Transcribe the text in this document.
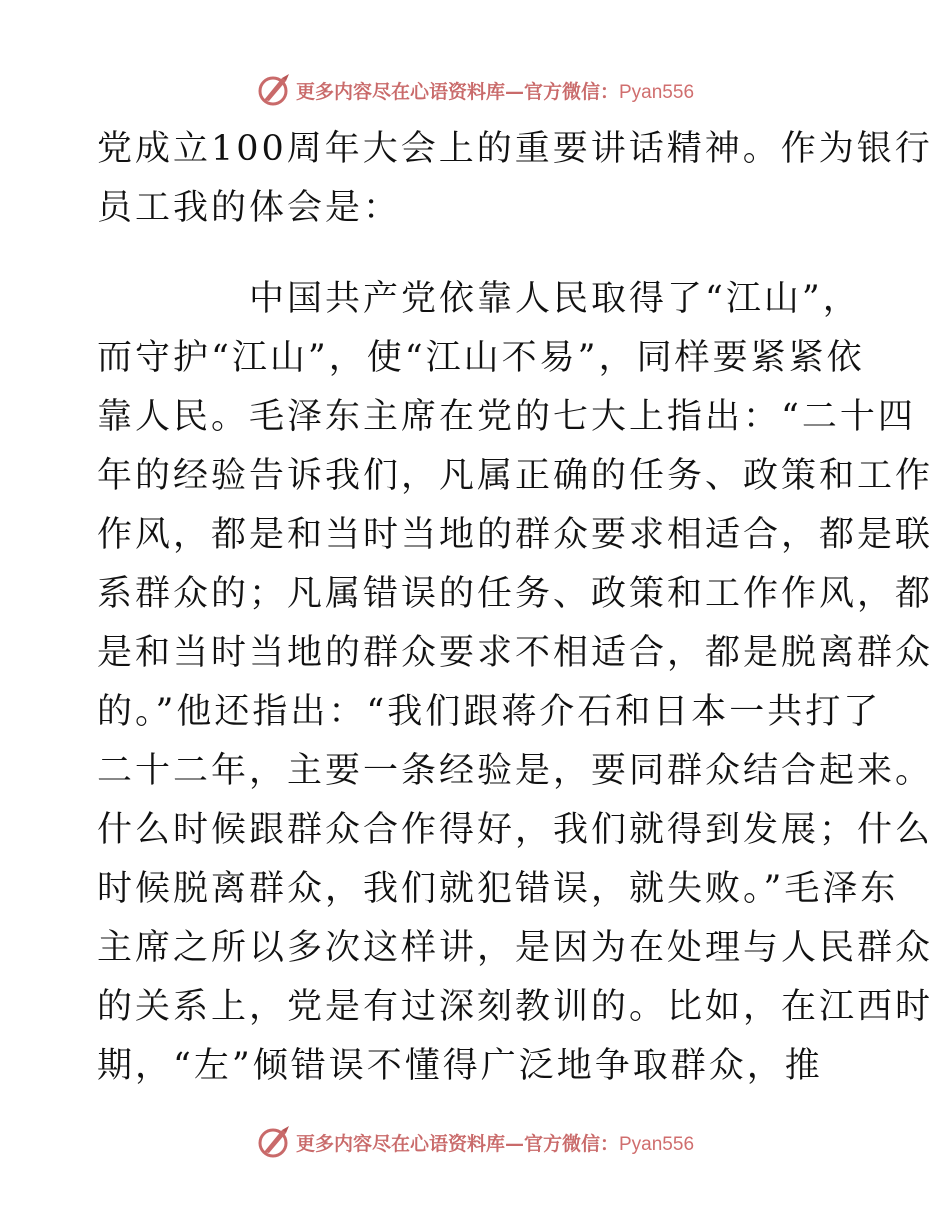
更多内容尽在心语资料库—官方微信：Pyan556
党成立100周年大会上的重要讲话精神。作为银行
员工我的体会是：
中国共产党依靠人民取得了“江山”，
而守护“江山”，使“江山不易”，同样要紧紧依
靠人民。毛泽东主席在党的七大上指出：“二十四
年的经验告诉我们，凡属正确的任务、政策和工作
作风，都是和当时当地的群众要求相适合，都是联
系群众的；凡属错误的任务、政策和工作作风，都
是和当时当地的群众要求不相适合，都是脱离群众
的。”他还指出：“我们跟蒋介石和日本一共打了
二十二年，主要一条经验是，要同群众结合起来。
什么时候跟群众合作得好，我们就得到发展；什么
时候脱离群众，我们就犯错误，就失败。”毛泽东
主席之所以多次这样讲，是因为在处理与人民群众
的关系上，党是有过深刻教训的。比如，在江西时
期，“左”倾错误不懂得广泛地争取群众，推
更多内容尽在心语资料库—官方微信：Pyan556
